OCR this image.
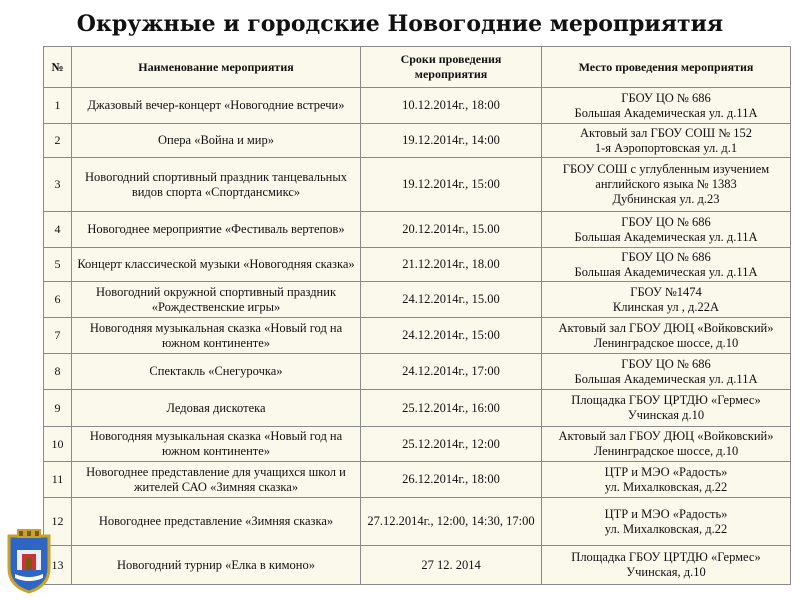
Окружные и городские Новогодние мероприятия
№	Наименование мероприятия	Сроки проведения мероприятия	Место проведения мероприятия
1	Джазовый вечер-концерт «Новогодние встречи»	10.12.2014г., 18:00	ГБОУ ЦО № 686
Большая Академическая ул. д.11А

2	Опера «Война и мир»	19.12.2014г., 14:00	Актовый зал ГБОУ СОШ № 152
1-я Аэропортовская ул. д.1

3	Новогодний спортивный праздник танцевальных видов спорта «Спортдансмикс»	19.12.2014г., 15:00	ГБОУ СОШ с углубленным изучением английского языка № 1383
Дубнинская ул. д.23

4	Новогоднее мероприятие «Фестиваль вертепов»	20.12.2014г., 15.00	ГБОУ ЦО № 686
Большая Академическая ул. д.11А

5	Концерт классической музыки «Новогодняя сказка»	21.12.2014г., 18.00	ГБОУ ЦО № 686
Большая Академическая ул. д.11А

6	Новогодний окружной спортивный праздник «Рождественские игры»	24.12.2014г., 15.00	ГБОУ №1474
Клинская ул , д.22А

7	Новогодняя музыкальная сказка «Новый год на южном континенте»	24.12.2014г., 15:00	Актовый зал ГБОУ ДЮЦ «Войковский»
Ленинградское шоссе, д.10

8	Спектакль «Снегурочка»	24.12.2014г., 17:00	ГБОУ ЦО № 686
Большая Академическая ул. д.11А

9	Ледовая дискотека	25.12.2014г., 16:00	Площадка ГБОУ ЦРТДЮ «Гермес»
Учинская д.10

10	Новогодняя музыкальная сказка «Новый год на южном континенте»	25.12.2014г., 12:00	Актовый зал ГБОУ ДЮЦ «Войковский»
Ленинградское шоссе, д.10

11	Новогоднее представление для учащихся школ и жителей САО «Зимняя сказка»	26.12.2014г., 18:00	ЦТР и МЭО «Радость»
ул. Михалковская, д.22

12	Новогоднее представление «Зимняя сказка»	27.12.2014г., 12:00, 14:30, 17:00	ЦТР и МЭО «Радость»
ул. Михалковская, д.22

13	Новогодний турнир «Елка в кимоно»	27 12. 2014	Площадка ГБОУ ЦРТДЮ «Гермес»
Учинская, д.10
